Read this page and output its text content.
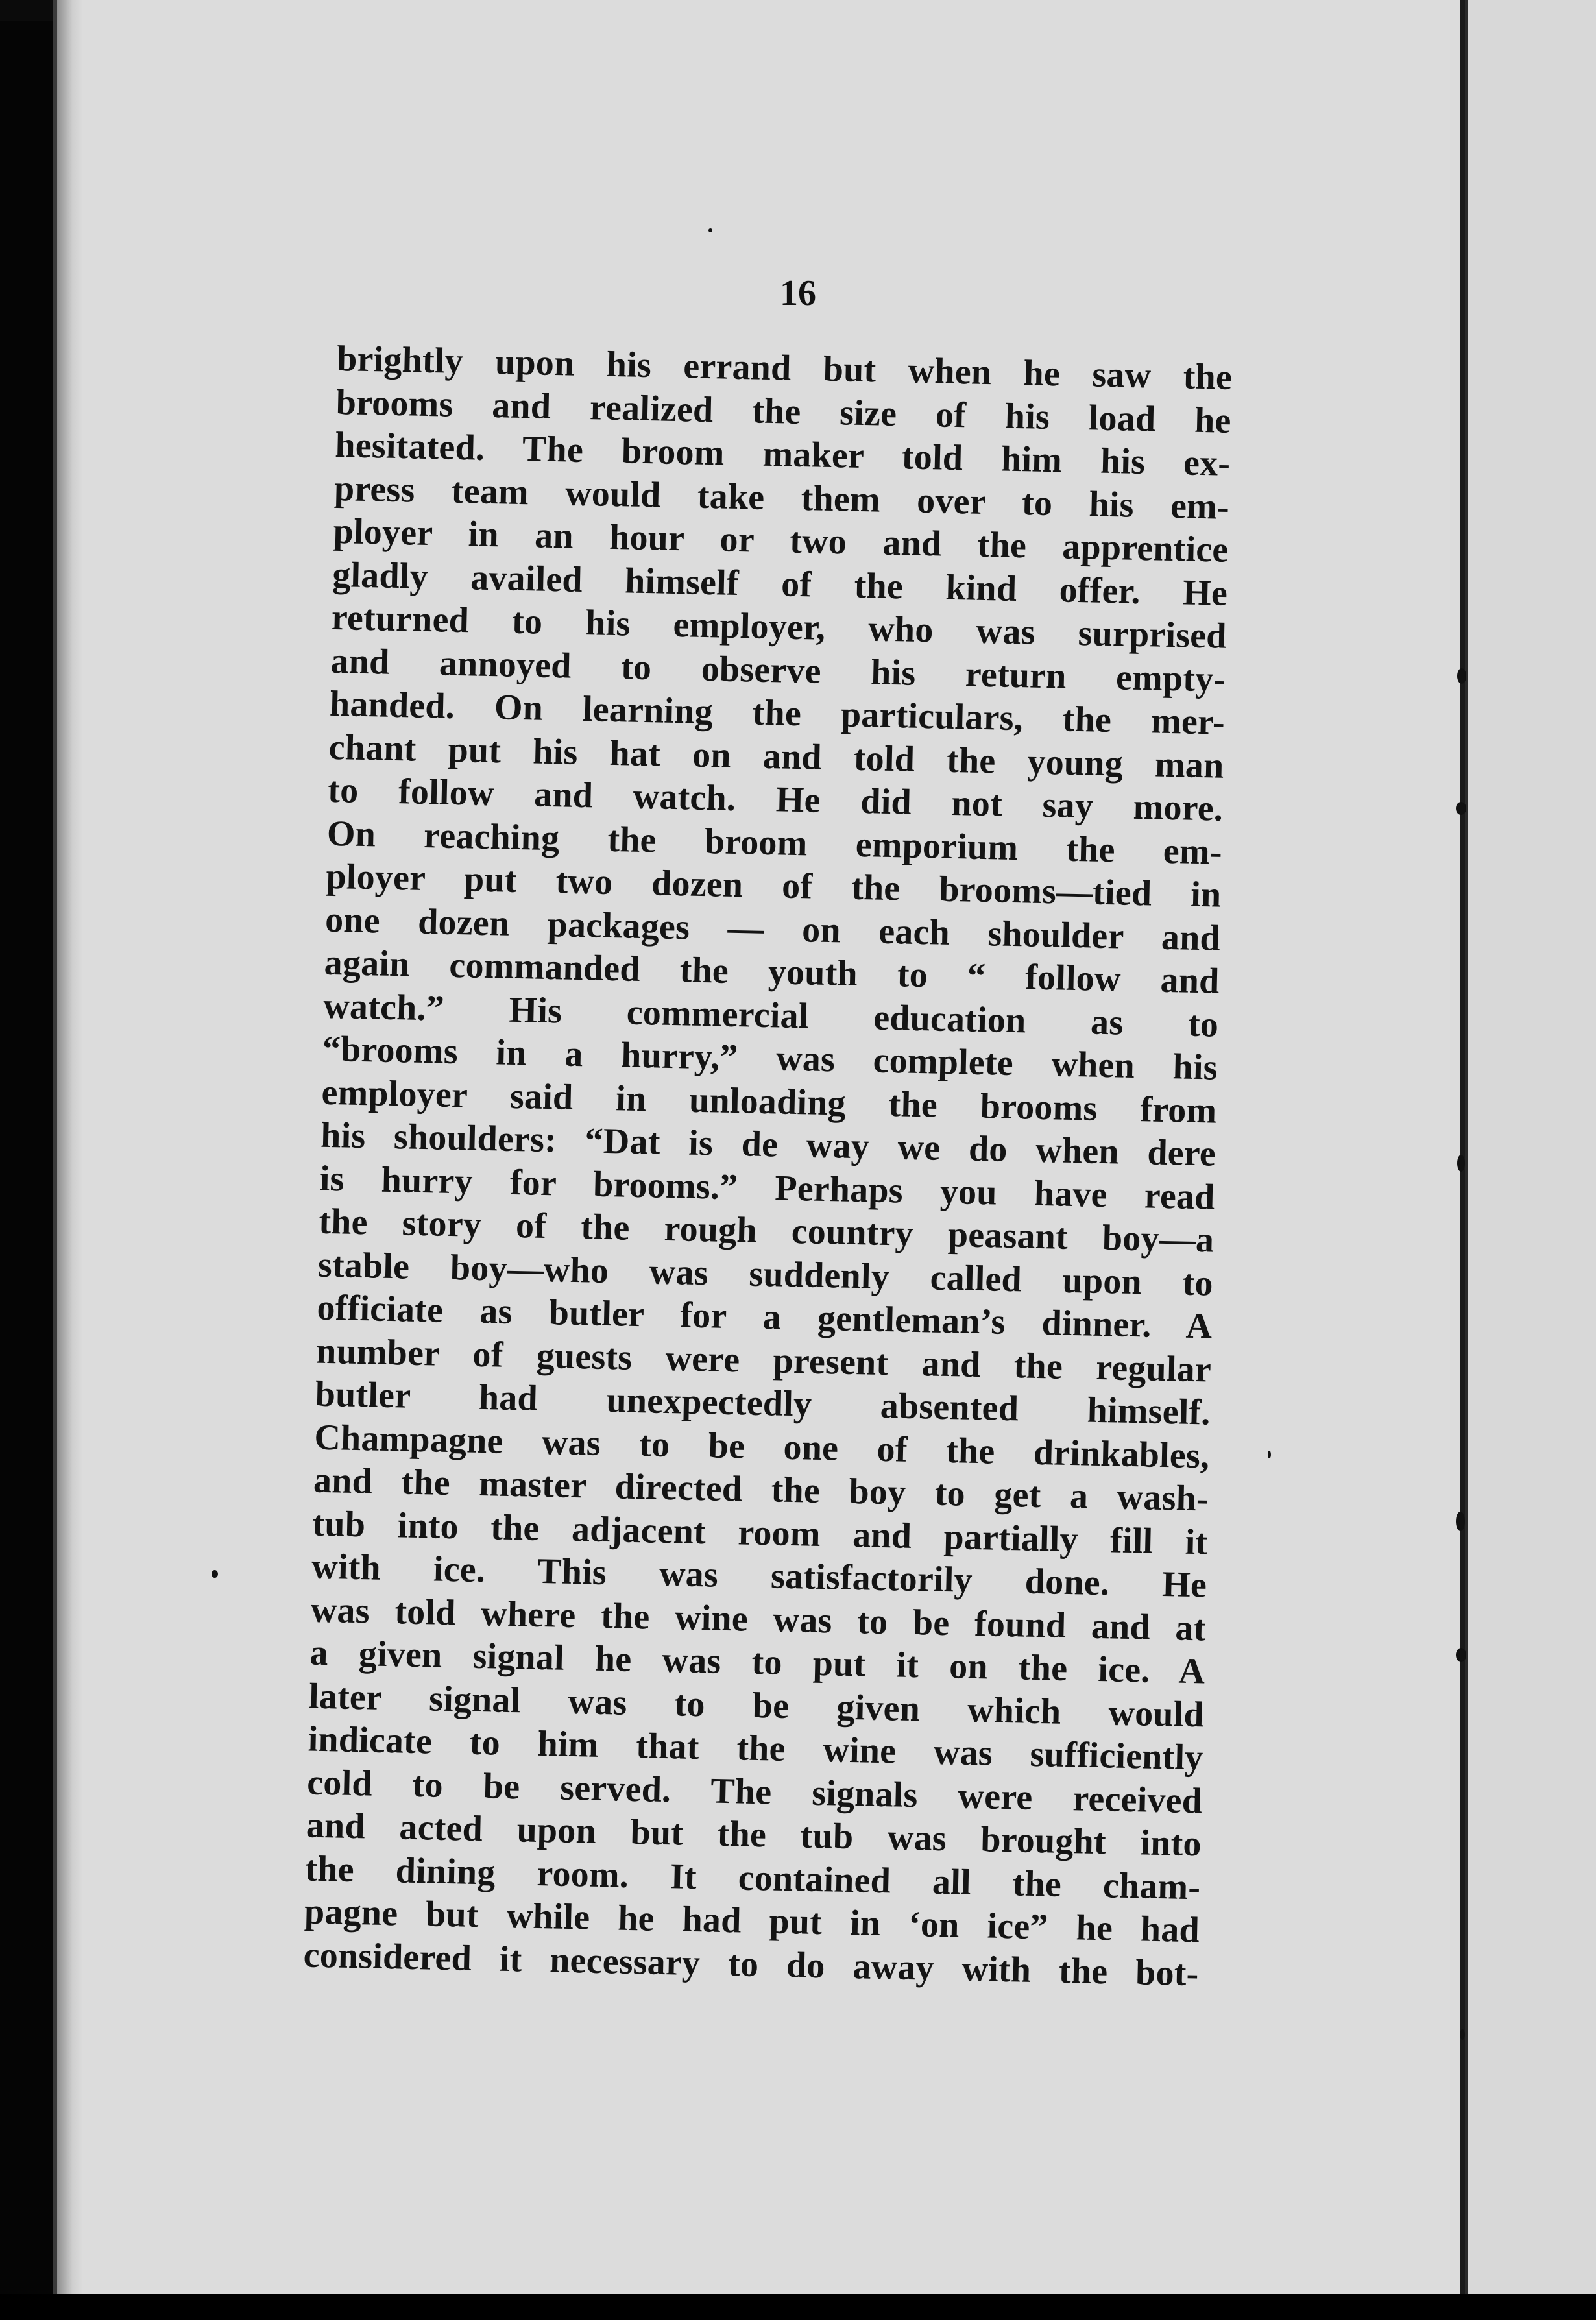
16
brightly upon his errand but when he saw the
brooms and realized the size of his load he
hesitated. The broom maker told him his ex-
press team would take them over to his em-
ployer in an hour or two and the apprentice
gladly availed himself of the kind offer. He
returned to his employer, who was surprised
and annoyed to observe his return empty-
handed. On learning the particulars, the mer-
chant put his hat on and told the young man
to follow and watch. He did not say more.
On reaching the broom emporium the em-
ployer put two dozen of the brooms—tied in
one dozen packages — on each shoulder and
again commanded the youth to “ follow and
watch.” His commercial education as to
“brooms in a hurry,” was complete when his
employer said in unloading the brooms from
his shoulders: “Dat is de way we do when dere
is hurry for brooms.” Perhaps you have read
the story of the rough country peasant boy—a
stable boy—who was suddenly called upon to
officiate as butler for a gentleman’s dinner. A
number of guests were present and the regular
butler had unexpectedly absented himself.
Champagne was to be one of the drinkables,
and the master directed the boy to get a wash-
tub into the adjacent room and partially fill it
with ice. This was satisfactorily done. He
was told where the wine was to be found and at
a given signal he was to put it on the ice. A
later signal was to be given which would
indicate to him that the wine was sufficiently
cold to be served. The signals were received
and acted upon but the tub was brought into
the dining room. It contained all the cham-
pagne but while he had put in ‘on ice” he had
considered it necessary to do away with the bot-
